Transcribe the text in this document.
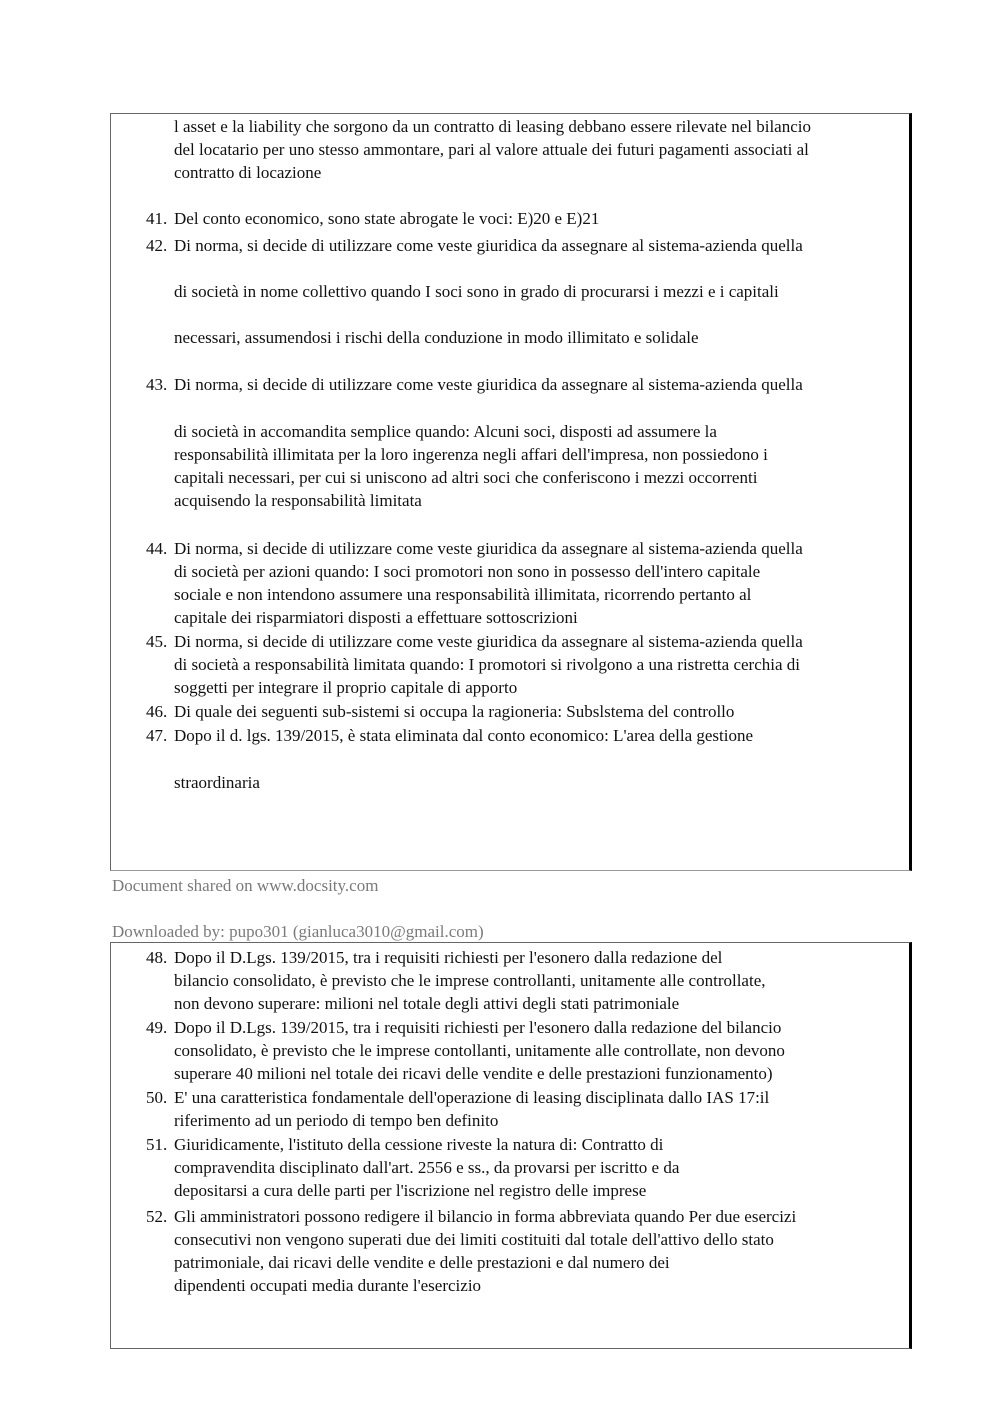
l asset e la liability che sorgono da un contratto di leasing debbano essere rilevate nel bilancio
del locatario per uno stesso ammontare, pari al valore attuale dei futuri pagamenti associati al
contratto di locazione
41. Del conto economico, sono state abrogate le voci: E)20 e E)21
42. Di norma, si decide di utilizzare come veste giuridica da assegnare al sistema-azienda quella
di società in nome collettivo quando I soci sono in grado di procurarsi i mezzi e i capitali
necessari, assumendosi i rischi della conduzione in modo illimitato e solidale
43. Di norma, si decide di utilizzare come veste giuridica da assegnare al sistema-azienda quella
di società in accomandita semplice quando: Alcuni soci, disposti ad assumere la
responsabilità illimitata per la loro ingerenza negli affari dell'impresa, non possiedono i
capitali necessari, per cui si uniscono ad altri soci che conferiscono i mezzi occorrenti
acquisendo la responsabilità limitata
44. Di norma, si decide di utilizzare come veste giuridica da assegnare al sistema-azienda quella
di società per azioni quando: I soci promotori non sono in possesso dell'intero capitale
sociale e non intendono assumere una responsabilità illimitata, ricorrendo pertanto al
capitale dei risparmiatori disposti a effettuare sottoscrizioni
45. Di norma, si decide di utilizzare come veste giuridica da assegnare al sistema-azienda quella
di società a responsabilità limitata quando: I promotori si rivolgono a una ristretta cerchia di
soggetti per integrare il proprio capitale di apporto
46. Di quale dei seguenti sub-sistemi si occupa la ragioneria: Subslstema del controllo
47. Dopo il d. lgs. 139/2015, è stata eliminata dal conto economico: L'area della gestione
straordinaria
Document shared on www.docsity.com
Downloaded by: pupo301 (gianluca3010@gmail.com)
48. Dopo il D.Lgs. 139/2015, tra i requisiti richiesti per l'esonero dalla redazione del
bilancio consolidato, è previsto che le imprese controllanti, unitamente alle controllate,
non devono superare: milioni nel totale degli attivi degli stati patrimoniale
49. Dopo il D.Lgs. 139/2015, tra i requisiti richiesti per l'esonero dalla redazione del bilancio
consolidato, è previsto che le imprese contollanti, unitamente alle controllate, non devono
superare 40 milioni nel totale dei ricavi delle vendite e delle prestazioni funzionamento)
50. E' una caratteristica fondamentale dell'operazione di leasing disciplinata dallo IAS 17:il
riferimento ad un periodo di tempo ben definito
51. Giuridicamente, l'istituto della cessione riveste la natura di: Contratto di
compravendita disciplinato dall'art. 2556 e ss., da provarsi per iscritto e da
depositarsi a cura delle parti per l'iscrizione nel registro delle imprese
52. Gli amministratori possono redigere il bilancio in forma abbreviata quando Per due esercizi
consecutivi non vengono superati due dei limiti costituiti dal totale dell'attivo dello stato
patrimoniale, dai ricavi delle vendite e delle prestazioni e dal numero dei
dipendenti occupati media durante l'esercizio
